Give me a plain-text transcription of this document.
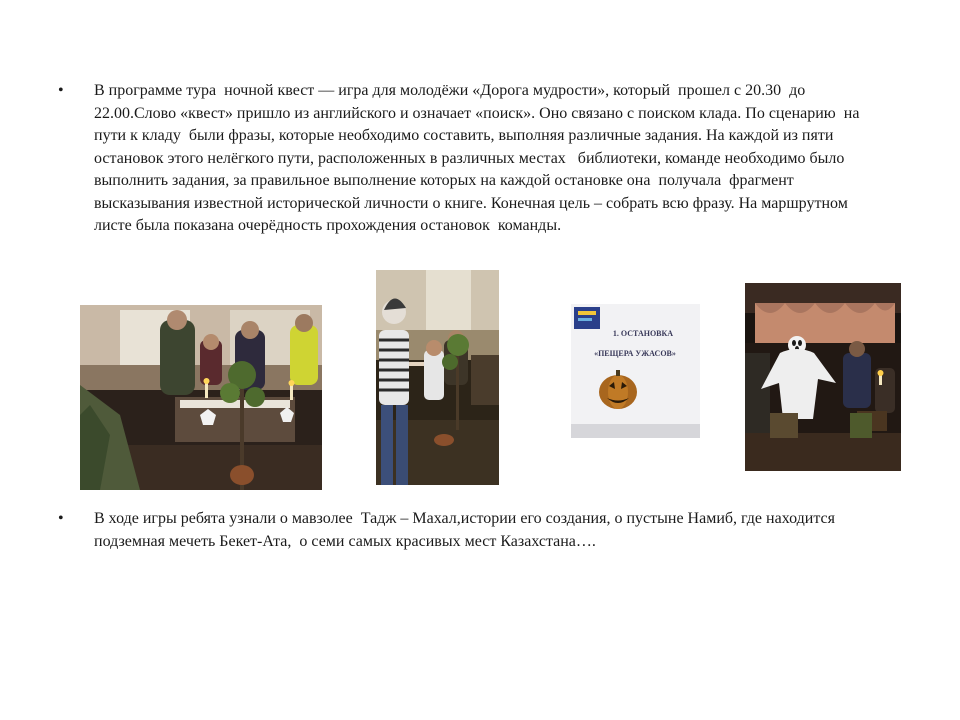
•	В программе тура  ночной квест — игра для молодёжи «Дорога мудрости», который  прошел с 20.30  до 22.00.Слово «квест» пришло из английского и означает «поиск». Оно связано с поиском клада. По сценарию  на  пути к кладу  были фразы, которые необходимо составить, выполняя различные задания. На каждой из пяти остановок этого нелёгкого пути, расположенных в различных местах   библиотеки, команде необходимо было выполнить задания, за правильное выполнение которых на каждой остановке она  получала  фрагмент высказывания известной исторической личности о книге. Конечная цель – собрать всю фразу. На маршрутном листе была показана очерёдность прохождения остановок  команды.

1. ОСТАНОВКА
«ПЕЩЕРА УЖАСОВ»
•	В ходе игры ребята узнали о мавзолее  Тадж – Махал,истории его создания, о пустыне Намиб, где находится  подземная мечеть Бекет-Ата,  о семи самых красивых мест Казахстана….
